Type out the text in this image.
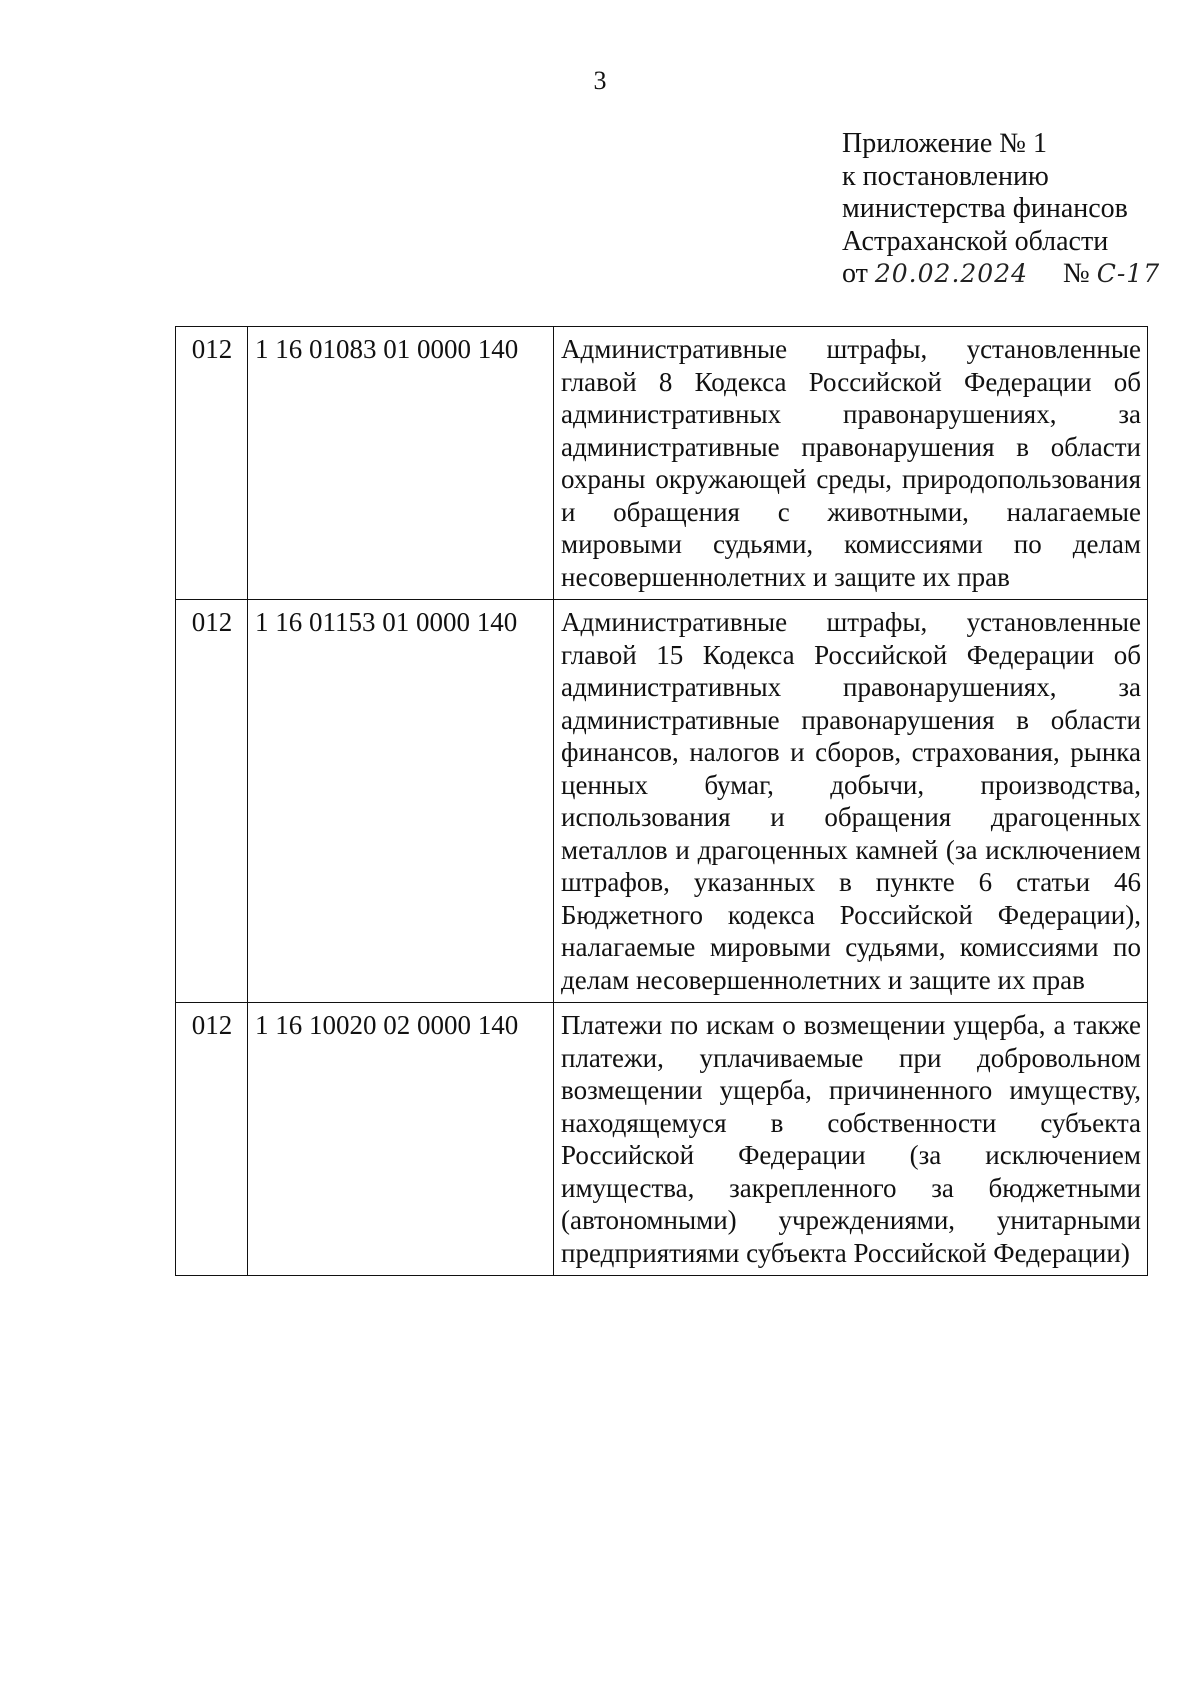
3
Приложение № 1
к постановлению
министерства финансов
Астраханской области
от 20.02.2024 № С-17
012	1 16 01083 01 0000 140	Административные штрафы, установленные главой 8 Кодекса Российской Федерации об административных правонарушениях, за административные правонарушения в области охраны окружающей среды, природопользования и обращения с животными, налагаемые мировыми судьями, комиссиями по делам несовершеннолетних и защите их прав
012	1 16 01153 01 0000 140	Административные штрафы, установленные главой 15 Кодекса Российской Федерации об административных правонарушениях, за административные правонарушения в области финансов, налогов и сборов, страхования, рынка ценных бумаг, добычи, производства, использования и обращения драгоценных металлов и драгоценных камней (за исключением штрафов, указанных в пункте 6 статьи 46 Бюджетного кодекса Российской Федерации), налагаемые мировыми судьями, комиссиями по делам несовершеннолетних и защите их прав
012	1 16 10020 02 0000 140	Платежи по искам о возмещении ущерба, а также платежи, уплачиваемые при добровольном возмещении ущерба, причиненного имуществу, находящемуся в собственности субъекта Российской Федерации (за исключением имущества, закрепленного за бюджетными (автономными) учреждениями, унитарными предприятиями субъекта Российской Федерации)
